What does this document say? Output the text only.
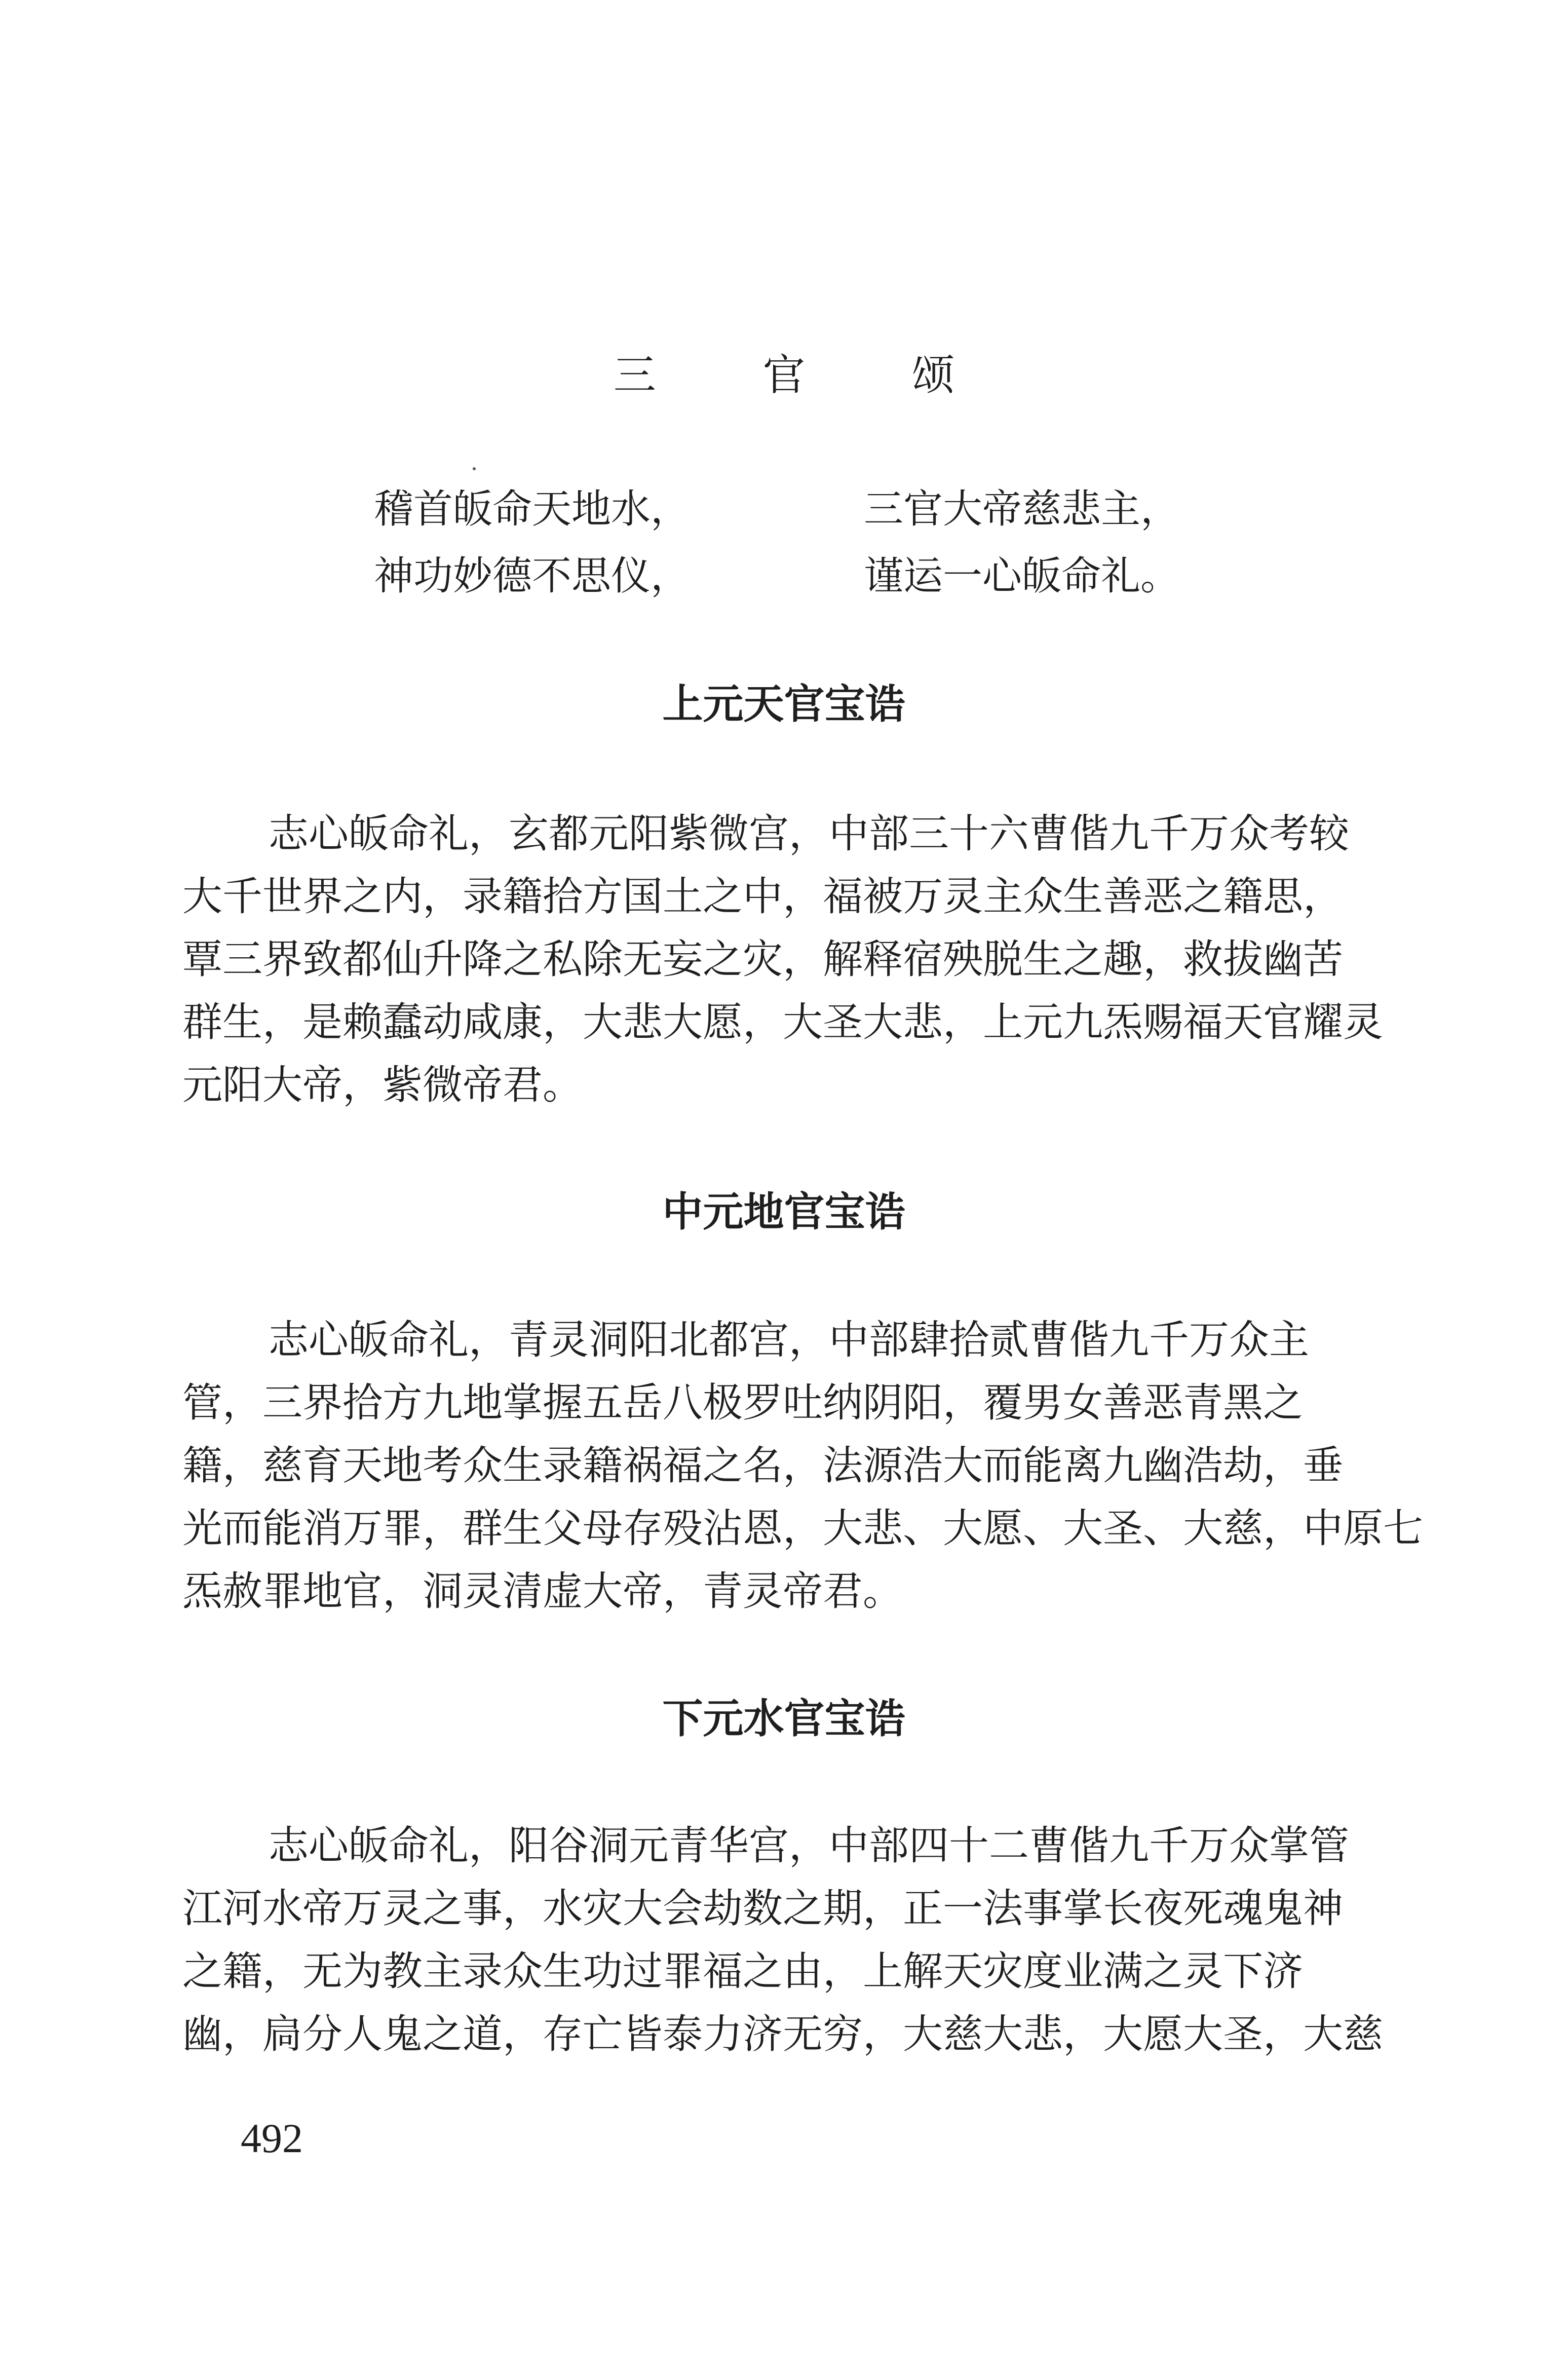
三 官 颂
稽首皈命天地水，	三官大帝慈悲主，
神功妙德不思仪，	谨运一心皈命礼。
上元天官宝诰
志心皈命礼，玄都元阳紫微宫，中部三十六曹偕九千万众考较
大千世界之内，录籍拾方国土之中，福被万灵主众生善恶之籍思，
覃三界致都仙升降之私除无妄之灾，解释宿殃脱生之趣，救拔幽苦
群生，是赖蠢动咸康，大悲大愿，大圣大悲，上元九炁赐福天官耀灵
元阳大帝，紫微帝君。
中元地官宝诰
志心皈命礼，青灵洞阳北都宫，中部肆拾贰曹偕九千万众主
管，三界拾方九地掌握五岳八极罗吐纳阴阳，覆男女善恶青黑之
籍，慈育天地考众生录籍祸福之名，法源浩大而能离九幽浩劫，垂
光而能消万罪，群生父母存殁沾恩，大悲、大愿、大圣、大慈，中原七
炁赦罪地官，洞灵清虚大帝，青灵帝君。
下元水官宝诰
志心皈命礼，阳谷洞元青华宫，中部四十二曹偕九千万众掌管
江河水帝万灵之事，水灾大会劫数之期，正一法事掌长夜死魂鬼神
之籍，无为教主录众生功过罪福之由，上解天灾度业满之灵下济
幽，扃分人鬼之道，存亡皆泰力济无穷，大慈大悲，大愿大圣，大慈
492
